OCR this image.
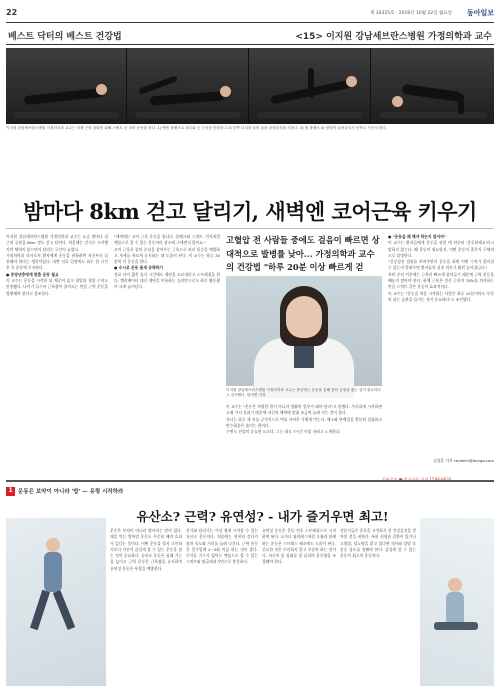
22	제 30325호 · 2018년 10월 22일 월요일 동아일보
베스트 닥터의 베스트 건강법	<15> 이지원 강남세브란스병원 가정의학과 교수
이지원 강남세브란스병원 가정의학과 교수는 하체 근력 강화를 위해 스쿼트 등 코어 운동을 한다. 1) 맨몸 플랭크로 복부와 등 근육을 단련하고 2) 한쪽 다리를 들어 올려 균형감각을 키운다. 3) 옆 플랭크 4) 엉덩이 들어올리기 동작도 꾸준히 한다.
밤마다 8km 걷고 달리기, 새벽엔 코어근육 키우기

이지원 강남세브란스병원 가정의학과 교수는 요즘 밤마다 집 근처 공원을 8km 정도 걷고 달린다. 처음에는 걷기로 시작했지만 체력이 붙으면서 달리는 구간이 늘었다.

가정의학과 의사로서 환자에게 운동을 권하려면 자신부터 실천해야 한다는 생각이었다. 바쁜 진료 일정에도 하루 한 시간은 꼭 운동에 투자한다.

● 중장년층에게 맞춤 운동 필요

이 교수는 운동을 시작한 뒤 체중이 줄고 혈압과 혈당 수치도 안정됐다. 나이가 들수록 근육량이 줄어드는 만큼 근력 운동을 병행해야 한다고 강조한다.

"새벽에는 코어 근육 운동을 합니다. 플랭크와 스쿼트, 런지처럼 맨몸으로 할 수 있는 운동이라 장소에 구애받지 않아요."

코어 근육은 몸의 중심을 잡아주는 근육으로 허리 통증을 예방하고 자세를 바르게 유지하는 데 도움이 된다. 이 교수는 하루 30분씩 이 운동을 한다.

● 수시로 운동 틈새 공략하기

진료 사이 짧은 휴식 시간에도 계단을 오르내리고 스트레칭을 한다. 엘리베이터 대신 계단을 이용하는 습관만으로도 하루 활동량이 크게 늘어난다.

고혈압 전 사람들 중에도 걸음이 빠르면 상대적으로 발병률 낮아... 가정의학과 교수의 건강법 "하루 20분 이상 빠르게 걷
이지원 강남세브란스병원 가정의학과 교수는 중년에는 운동을 통해 몸의 균형을 잡는 것이 중요하다고 강조했다. 원대연 기자

이 교수는 "운동은 특별한 일이 아니라 생활의 일부가 돼야 한다"고 말했다. 무리하게 시작하면 오래 가지 못하기 때문에 자신의 체력에 맞춰 조금씩 늘려 가는 것이 좋다.

식사는 하루 세 끼를 규칙적으로 먹되 저녁은 가볍게 먹는다. 채소와 단백질을 충분히 섭취하고 탄수화물은 줄이는 편이다.

수면도 건강의 중요한 요소다. 그는 하루 7시간 이상 자려고 노력한다.

● "운동을 왜 해야 하는지 알아야"

이 교수는 환자들에게 운동을 권할 때 단순히 '운동하세요'라고 말하지 않는다. 왜 운동이 필요한지, 어떤 운동이 좋은지 구체적으로 설명한다.

"건강검진 결과를 보여주면서 운동을 하면 어떤 수치가 좋아질 수 있는지 알려주면 환자들의 실천 의지가 훨씬 높아집니다."

특히 중년 이후에는 근육이 빠르게 줄어들기 때문에 근력 운동을 빼놓지 말아야 한다. 하체 근육은 전신 근육의 70%를 차지하는 만큼 스쿼트 같은 운동이 효과적이다.

이 교수는 "운동을 처음 시작하는 사람은 하루 10분이라도 꾸준히 하는 습관을 들이는 것이 중요하다"고 조언했다.

김상훈 기자 corekim@donga.com
1 운동은 보약이 아니라 '밥' — 유형 시작하라
유산소? 근력? 유연성? - 내가 즐거우면 최고!

운동은 보약이 아니라 밥이라는 말이 있다. 매일 먹는 밥처럼 운동도 꾸준히 해야 효과가 있다는 뜻이다. 어떤 운동을 할지 고민하기보다 자신이 즐겁게 할 수 있는 운동을 찾는 것이 중요하다. 유산소 운동은 심폐 기능을 높이고 근력 운동은 근육량을 유지하며 유연성 운동은 부상을 예방한다.

걷기와 달리기는 가장 쉽게 시작할 수 있는 유산소 운동이다. 처음에는 천천히 걷다가 점차 속도와 거리를 늘려 나간다. 근력 운동은 일주일에 2~3회 이상 하는 것이 좋다. 무거운 기구가 없어도 맨몸으로 할 수 있는 스쿼트와 팔굽혀펴기만으로 충분하다.

유연성 운동은 운동 전후 스트레칭으로 시작하면 된다. 요가나 필라테스처럼 호흡과 함께 하는 운동은 스트레스 해소에도 도움이 된다. 중요한 것은 무리하지 않고 꾸준히 하는 것이다. 자신의 몸 상태를 잘 살피며 운동량을 조절해야 한다.

전문가들은 운동을 시작하기 전 건강검진을 받아볼 것을 권한다. 특히 심혈관 질환이 있거나 고혈압, 당뇨병을 앓고 있다면 의사와 상담 후 운동 강도를 정해야 한다. 즐겁게 할 수 있는 운동이 최고의 운동이다.
